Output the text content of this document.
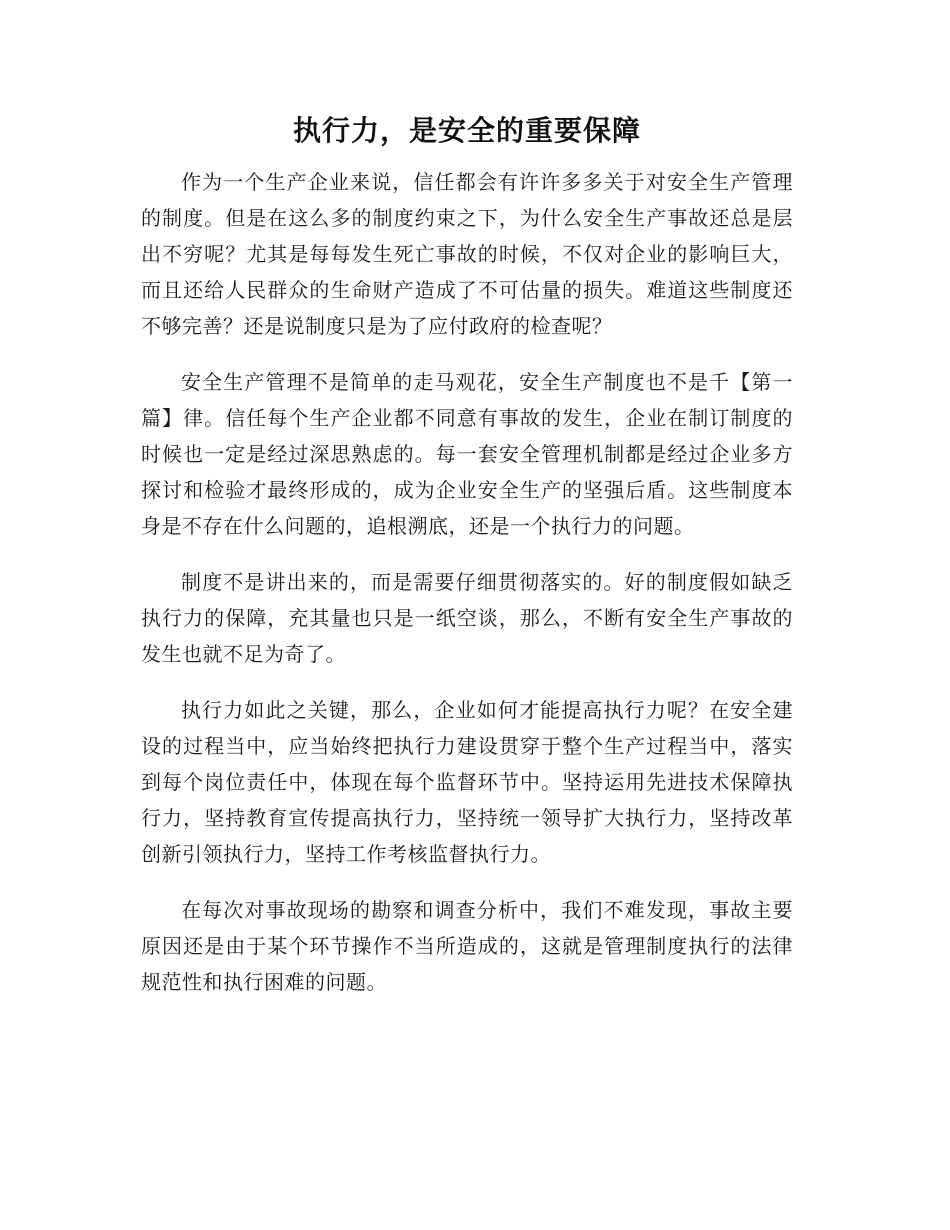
执行力，是安全的重要保障

作为一个生产企业来说，信任都会有许许多多关于对安全生产管理的制度。但是在这么多的制度约束之下，为什么安全生产事故还总是层出不穷呢？尤其是每每发生死亡事故的时候，不仅对企业的影响巨大，而且还给人民群众的生命财产造成了不可估量的损失。难道这些制度还不够完善？还是说制度只是为了应付政府的检查呢？

安全生产管理不是简单的走马观花，安全生产制度也不是千【第一篇】律。信任每个生产企业都不同意有事故的发生，企业在制订制度的时候也一定是经过深思熟虑的。每一套安全管理机制都是经过企业多方探讨和检验才最终形成的，成为企业安全生产的坚强后盾。这些制度本身是不存在什么问题的，追根溯底，还是一个执行力的问题。

制度不是讲出来的，而是需要仔细贯彻落实的。好的制度假如缺乏执行力的保障，充其量也只是一纸空谈，那么，不断有安全生产事故的发生也就不足为奇了。

执行力如此之关键，那么，企业如何才能提高执行力呢？在安全建设的过程当中，应当始终把执行力建设贯穿于整个生产过程当中，落实到每个岗位责任中，体现在每个监督环节中。坚持运用先进技术保障执行力，坚持教育宣传提高执行力，坚持统一领导扩大执行力，坚持改革创新引领执行力，坚持工作考核监督执行力。

在每次对事故现场的勘察和调查分析中，我们不难发现，事故主要原因还是由于某个环节操作不当所造成的，这就是管理制度执行的法律规范性和执行困难的问题。
